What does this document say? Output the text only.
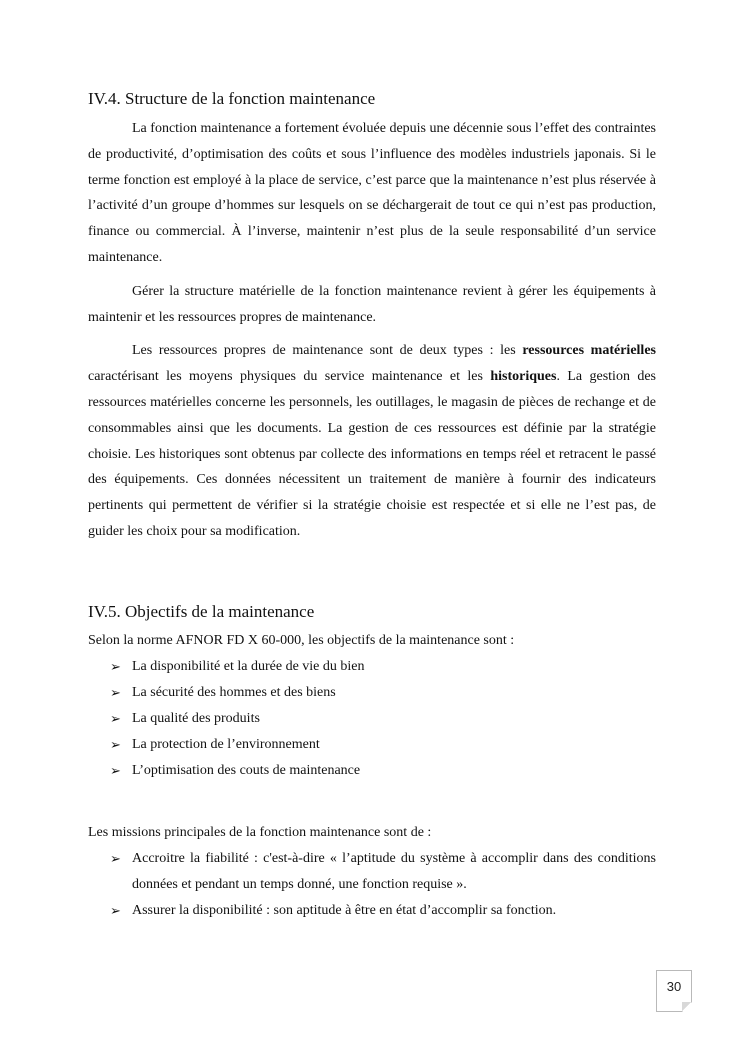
IV.4. Structure de la fonction maintenance

La fonction maintenance a fortement évoluée depuis une décennie sous l’effet des contraintes de productivité, d’optimisation des coûts et sous l’influence des modèles industriels japonais. Si le terme fonction est employé à la place de service, c’est parce que la maintenance n’est plus réservée à l’activité d’un groupe d’hommes sur lesquels on se déchargerait de tout ce qui n’est pas production, finance ou commercial. À l’inverse, maintenir n’est plus de la seule responsabilité d’un service maintenance.

Gérer la structure matérielle de la fonction maintenance revient à gérer les équipements à maintenir et les ressources propres de maintenance.

Les ressources propres de maintenance sont de deux types : les ressources matérielles caractérisant les moyens physiques du service maintenance et les historiques. La gestion des ressources matérielles concerne les personnels, les outillages, le magasin de pièces de rechange et de consommables ainsi que les documents. La gestion de ces ressources est définie par la stratégie choisie. Les historiques sont obtenus par collecte des informations en temps réel et retracent le passé des équipements. Ces données nécessitent un traitement de manière à fournir des indicateurs pertinents qui permettent de vérifier si la stratégie choisie est respectée et si elle ne l’est pas, de guider les choix pour sa modification.

IV.5. Objectifs de la maintenance

Selon la norme AFNOR FD X 60-000, les objectifs de la maintenance sont :

➢ La disponibilité et la durée de vie du bien
➢ La sécurité des hommes et des biens
➢ La qualité des produits
➢ La protection de l’environnement
➢ L’optimisation des couts de maintenance

Les missions principales de la fonction maintenance sont de :

➢ Accroitre la fiabilité : c'est-à-dire « l’aptitude du système à accomplir dans des conditions données et pendant un temps donné, une fonction requise ».
➢ Assurer la disponibilité : son aptitude à être en état d’accomplir sa fonction.
30
